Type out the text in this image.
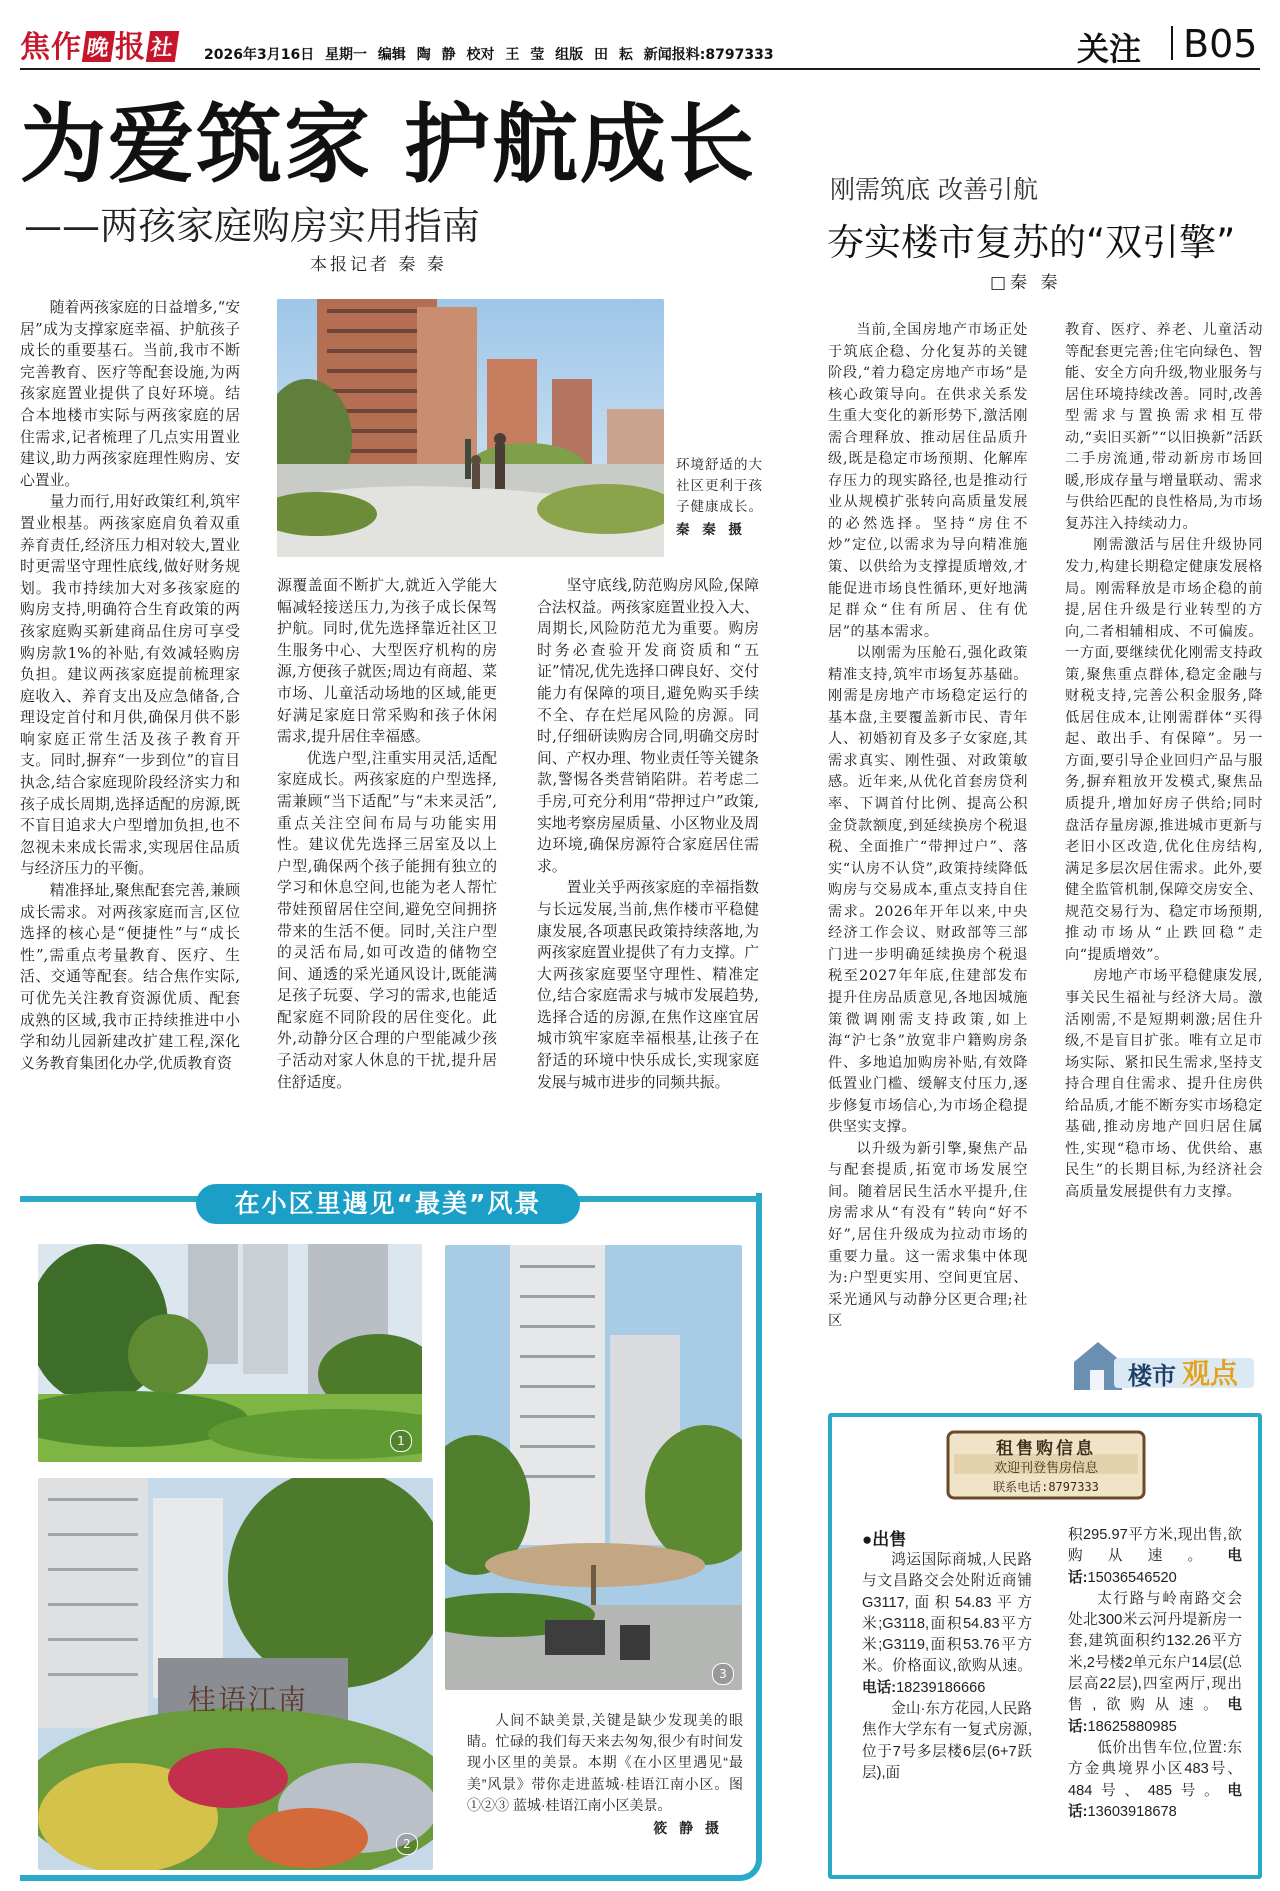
焦作 晚 报 社 2026年3月16日 星期一 编辑 陶 静 校对 王 莹 组版 田 耘 新闻报料:8797333	关注 B05
为爱筑家 护航成长
——两孩家庭购房实用指南
本报记者 秦 秦

随着两孩家庭的日益增多,“安居”成为支撑家庭幸福、护航孩子成长的重要基石。当前,我市不断完善教育、医疗等配套设施,为两孩家庭置业提供了良好环境。结合本地楼市实际与两孩家庭的居住需求,记者梳理了几点实用置业建议,助力两孩家庭理性购房、安心置业。

量力而行,用好政策红利,筑牢置业根基。两孩家庭肩负着双重养育责任,经济压力相对较大,置业时更需坚守理性底线,做好财务规划。我市持续加大对多孩家庭的购房支持,明确符合生育政策的两孩家庭购买新建商品住房可享受购房款1%的补贴,有效减轻购房负担。建议两孩家庭提前梳理家庭收入、养育支出及应急储备,合理设定首付和月供,确保月供不影响家庭正常生活及孩子教育开支。同时,摒弃“一步到位”的盲目执念,结合家庭现阶段经济实力和孩子成长周期,选择适配的房源,既不盲目追求大户型增加负担,也不忽视未来成长需求,实现居住品质与经济压力的平衡。

精准择址,聚焦配套完善,兼顾成长需求。对两孩家庭而言,区位选择的核心是“便捷性”与“成长性”,需重点考量教育、医疗、生活、交通等配套。结合焦作实际,可优先关注教育资源优质、配套成熟的区域,我市正持续推进中小学和幼儿园新建改扩建工程,深化义务教育集团化办学,优质教育资

环境舒适的大社区更利于孩子健康成长。
秦 秦 摄

源覆盖面不断扩大,就近入学能大幅减轻接送压力,为孩子成长保驾护航。同时,优先选择靠近社区卫生服务中心、大型医疗机构的房源,方便孩子就医;周边有商超、菜市场、儿童活动场地的区域,能更好满足家庭日常采购和孩子休闲需求,提升居住幸福感。

优选户型,注重实用灵活,适配家庭成长。两孩家庭的户型选择,需兼顾“当下适配”与“未来灵活”,重点关注空间布局与功能实用性。建议优先选择三居室及以上户型,确保两个孩子能拥有独立的学习和休息空间,也能为老人帮忙带娃预留居住空间,避免空间拥挤带来的生活不便。同时,关注户型的灵活布局,如可改造的储物空间、通透的采光通风设计,既能满足孩子玩耍、学习的需求,也能适配家庭不同阶段的居住变化。此外,动静分区合理的户型能减少孩子活动对家人休息的干扰,提升居住舒适度。

坚守底线,防范购房风险,保障合法权益。两孩家庭置业投入大、周期长,风险防范尤为重要。购房时务必查验开发商资质和“五证”情况,优先选择口碑良好、交付能力有保障的项目,避免购买手续不全、存在烂尾风险的房源。同时,仔细研读购房合同,明确交房时间、产权办理、物业责任等关键条款,警惕各类营销陷阱。若考虑二手房,可充分利用“带押过户”政策,实地考察房屋质量、小区物业及周边环境,确保房源符合家庭居住需求。

置业关乎两孩家庭的幸福指数与长远发展,当前,焦作楼市平稳健康发展,各项惠民政策持续落地,为两孩家庭置业提供了有力支撑。广大两孩家庭要坚守理性、精准定位,结合家庭需求与城市发展趋势,选择合适的房源,在焦作这座宜居城市筑牢家庭幸福根基,让孩子在舒适的环境中快乐成长,实现家庭发展与城市进步的同频共振。

在小区里遇见“最美”风景
1
3
桂语江南
2

人间不缺美景,关键是缺少发现美的眼睛。忙碌的我们每天来去匆匆,很少有时间发现小区里的美景。本期《在小区里遇见“最美”风景》带你走进蓝城·桂语江南小区。图①②③ 蓝城·桂语江南小区美景。

筱 静 摄
刚需筑底 改善引航
夯实楼市复苏的“双引擎”
□秦 秦

当前,全国房地产市场正处于筑底企稳、分化复苏的关键阶段,“着力稳定房地产市场”是核心政策导向。在供求关系发生重大变化的新形势下,激活刚需合理释放、推动居住品质升级,既是稳定市场预期、化解库存压力的现实路径,也是推动行业从规模扩张转向高质量发展的必然选择。坚持“房住不炒”定位,以需求为导向精准施策、以供给为支撑提质增效,才能促进市场良性循环,更好地满足群众“住有所居、住有优居”的基本需求。

以刚需为压舱石,强化政策精准支持,筑牢市场复苏基础。刚需是房地产市场稳定运行的基本盘,主要覆盖新市民、青年人、初婚初育及多子女家庭,其需求真实、刚性强、对政策敏感。近年来,从优化首套房贷利率、下调首付比例、提高公积金贷款额度,到延续换房个税退税、全面推广“带押过户”、落实“认房不认贷”,政策持续降低购房与交易成本,重点支持自住需求。2026年开年以来,中央经济工作会议、财政部等三部门进一步明确延续换房个税退税至2027年年底,住建部发布提升住房品质意见,各地因城施策微调刚需支持政策,如上海“沪七条”放宽非户籍购房条件、多地追加购房补贴,有效降低置业门槛、缓解支付压力,逐步修复市场信心,为市场企稳提供坚实支撑。

以升级为新引擎,聚焦产品与配套提质,拓宽市场发展空间。随着居民生活水平提升,住房需求从“有没有”转向“好不好”,居住升级成为拉动市场的重要力量。这一需求集中体现为:户型更实用、空间更宜居、采光通风与动静分区更合理;社区

教育、医疗、养老、儿童活动等配套更完善;住宅向绿色、智能、安全方向升级,物业服务与居住环境持续改善。同时,改善型需求与置换需求相互带动,“卖旧买新”“以旧换新”活跃二手房流通,带动新房市场回暖,形成存量与增量联动、需求与供给匹配的良性格局,为市场复苏注入持续动力。

刚需激活与居住升级协同发力,构建长期稳定健康发展格局。刚需释放是市场企稳的前提,居住升级是行业转型的方向,二者相辅相成、不可偏废。一方面,要继续优化刚需支持政策,聚焦重点群体,稳定金融与财税支持,完善公积金服务,降低居住成本,让刚需群体“买得起、敢出手、有保障”。另一方面,要引导企业回归产品与服务,摒弃粗放开发模式,聚焦品质提升,增加好房子供给;同时盘活存量房源,推进城市更新与老旧小区改造,优化住房结构,满足多层次居住需求。此外,要健全监管机制,保障交房安全、规范交易行为、稳定市场预期,推动市场从“止跌回稳”走向“提质增效”。

房地产市场平稳健康发展,事关民生福祉与经济大局。激活刚需,不是短期刺激;居住升级,不是盲目扩张。唯有立足市场实际、紧扣民生需求,坚持支持合理自住需求、提升住房供给品质,才能不断夯实市场稳定基础,推动房地产回归居住属性,实现“稳市场、优供给、惠民生”的长期目标,为经济社会高质量发展提供有力支撑。

楼市 观点
租售购信息
欢迎刊登售房信息
联系电话:8797333
●出售

鸿运国际商城,人民路与文昌路交会处附近商铺G3117,面积54.83平方米;G3118,面积54.83平方米;G3119,面积53.76平方米。价格面议,欲购从速。电话:18239186666

金山·东方花园,人民路焦作大学东有一复式房源,位于7号多层楼6层(6+7跃层),面

积295.97平方米,现出售,欲购从速。电话:15036546520

太行路与岭南路交会处北300米云河丹堤新房一套,建筑面积约132.26平方米,2号楼2单元东户14层(总层高22层),四室两厅,现出售,欲购从速。电话:18625880985

低价出售车位,位置:东方金典境界小区483号、484号、485号。电话:13603918678
